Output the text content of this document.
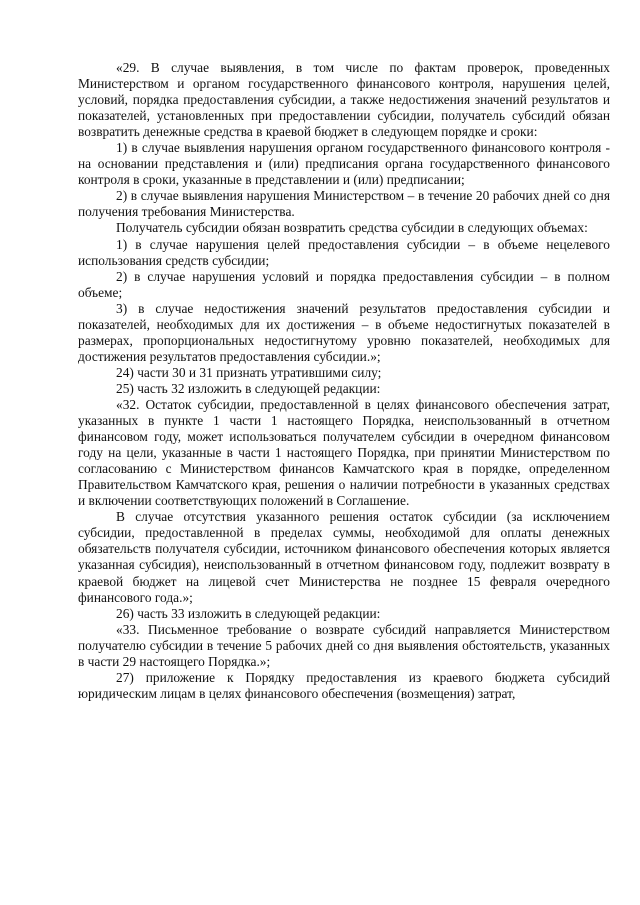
«29. В случае выявления, в том числе по фактам проверок, проведенных Министерством и органом государственного финансового контроля, нарушения целей, условий, порядка предоставления субсидии, а также недостижения значений результатов и показателей, установленных при предоставлении субсидии, получатель субсидий обязан возвратить денежные средства в краевой бюджет в следующем порядке и сроки:

1) в случае выявления нарушения органом государственного финансового контроля - на основании представления и (или) предписания органа государственного финансового контроля в сроки, указанные в представлении и (или) предписании;

2) в случае выявления нарушения Министерством – в течение 20 рабочих дней со дня получения требования Министерства.

Получатель субсидии обязан возвратить средства субсидии в следующих объемах:

1) в случае нарушения целей предоставления субсидии – в объеме нецелевого использования средств субсидии;

2) в случае нарушения условий и порядка предоставления субсидии – в полном объеме;

3) в случае недостижения значений результатов предоставления субсидии и показателей, необходимых для их достижения – в объеме недостигнутых показателей в размерах, пропорциональных недостигнутому уровню показателей, необходимых для достижения результатов предоставления субсидии.»;

24) части 30 и 31 признать утратившими силу;

25) часть 32 изложить в следующей редакции:

«32. Остаток субсидии, предоставленной в целях финансового обеспечения затрат, указанных в пункте 1 части 1 настоящего Порядка, неиспользованный в отчетном финансовом году, может использоваться получателем субсидии в очередном финансовом году на цели, указанные в части 1 настоящего Порядка, при принятии Министерством по согласованию с Министерством финансов Камчатского края в порядке, определенном Правительством Камчатского края, решения о наличии потребности в указанных средствах и включении соответствующих положений в Соглашение.

В случае отсутствия указанного решения остаток субсидии (за исключением субсидии, предоставленной в пределах суммы, необходимой для оплаты денежных обязательств получателя субсидии, источником финансового обеспечения которых является указанная субсидия), неиспользованный в отчетном финансовом году, подлежит возврату в краевой бюджет на лицевой счет Министерства не позднее 15 февраля очередного финансового года.»;

26) часть 33 изложить в следующей редакции:

«33. Письменное требование о возврате субсидий направляется Министерством получателю субсидии в течение 5 рабочих дней со дня выявления обстоятельств, указанных в части 29 настоящего Порядка.»;

27) приложение к Порядку предоставления из краевого бюджета субсидий юридическим лицам в целях финансового обеспечения (возмещения) затрат,
